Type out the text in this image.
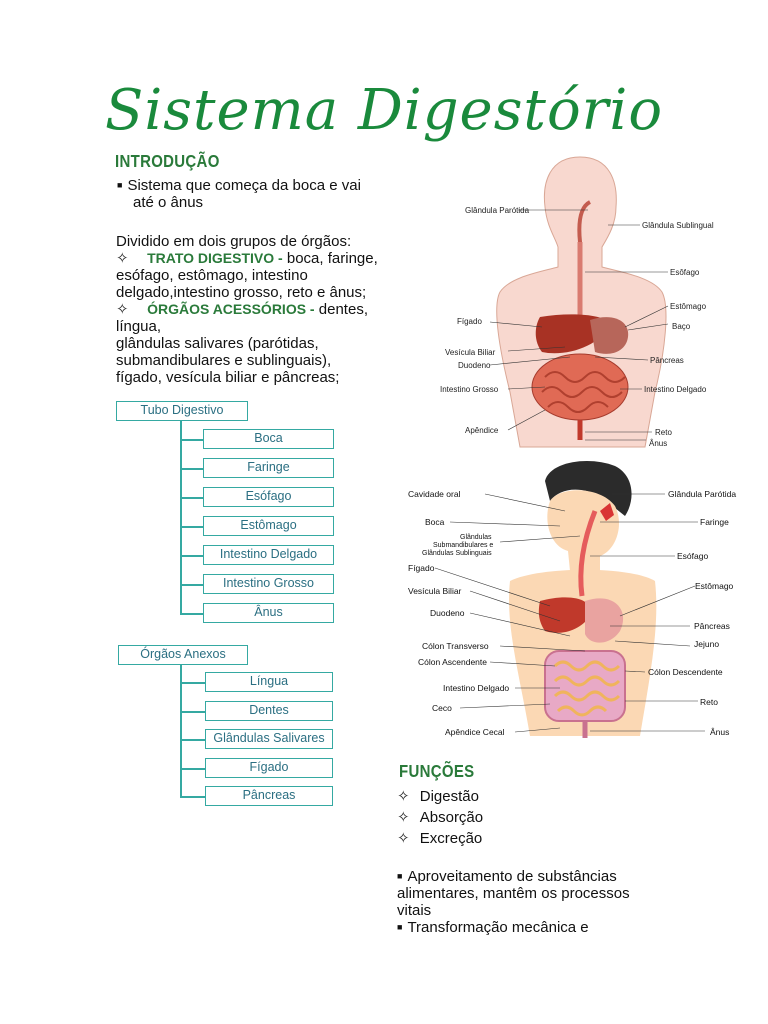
Sistema Digestório
INTRODUÇÃO
■ Sistema que começa da boca e vai
até o ânus
Dividido em dois grupos de órgãos:
✧ TRATO DIGESTIVO - boca, faringe,
esófago, estômago, intestino
delgado,intestino grosso, reto e ânus;
✧ ÓRGÃOS ACESSÓRIOS - dentes, língua,
glândulas salivares (parótidas,
submandibulares e sublinguais),
fígado, vesícula biliar e pâncreas;
Tubo Digestivo
Boca
Faringe
Esófago
Estômago
Intestino Delgado
Intestino Grosso
Ânus
Órgãos Anexos
Língua
Dentes
Glândulas Salivares
Fígado
Pâncreas
Glândula Parótida
Glândula Sublingual
Esôfago
Estômago
Fígado
Baço
Vesícula Biliar
Duodeno
Pâncreas
Intestino Grosso	Intestino Delgado
Apêndice	Reto
Ânus
Cavidade oral
Boca
Glândulas
Submandibulares e
Glândulas Sublinguais
Fígado
Vesícula Biliar
Duodeno
Cólon Transverso
Cólon Ascendente
Intestino Delgado
Ceco
Apêndice Cecal
Glândula Parótida
Faringe
Esófago
Estômago
Pâncreas
Jejuno
Cólon Descendente
Reto
Ânus
FUNÇÕES
✧ Digestão
✧ Absorção
✧ Excreção
■ Aproveitamento de substâncias
alimentares, mantêm os processos
vitais
■ Transformação mecânica e
